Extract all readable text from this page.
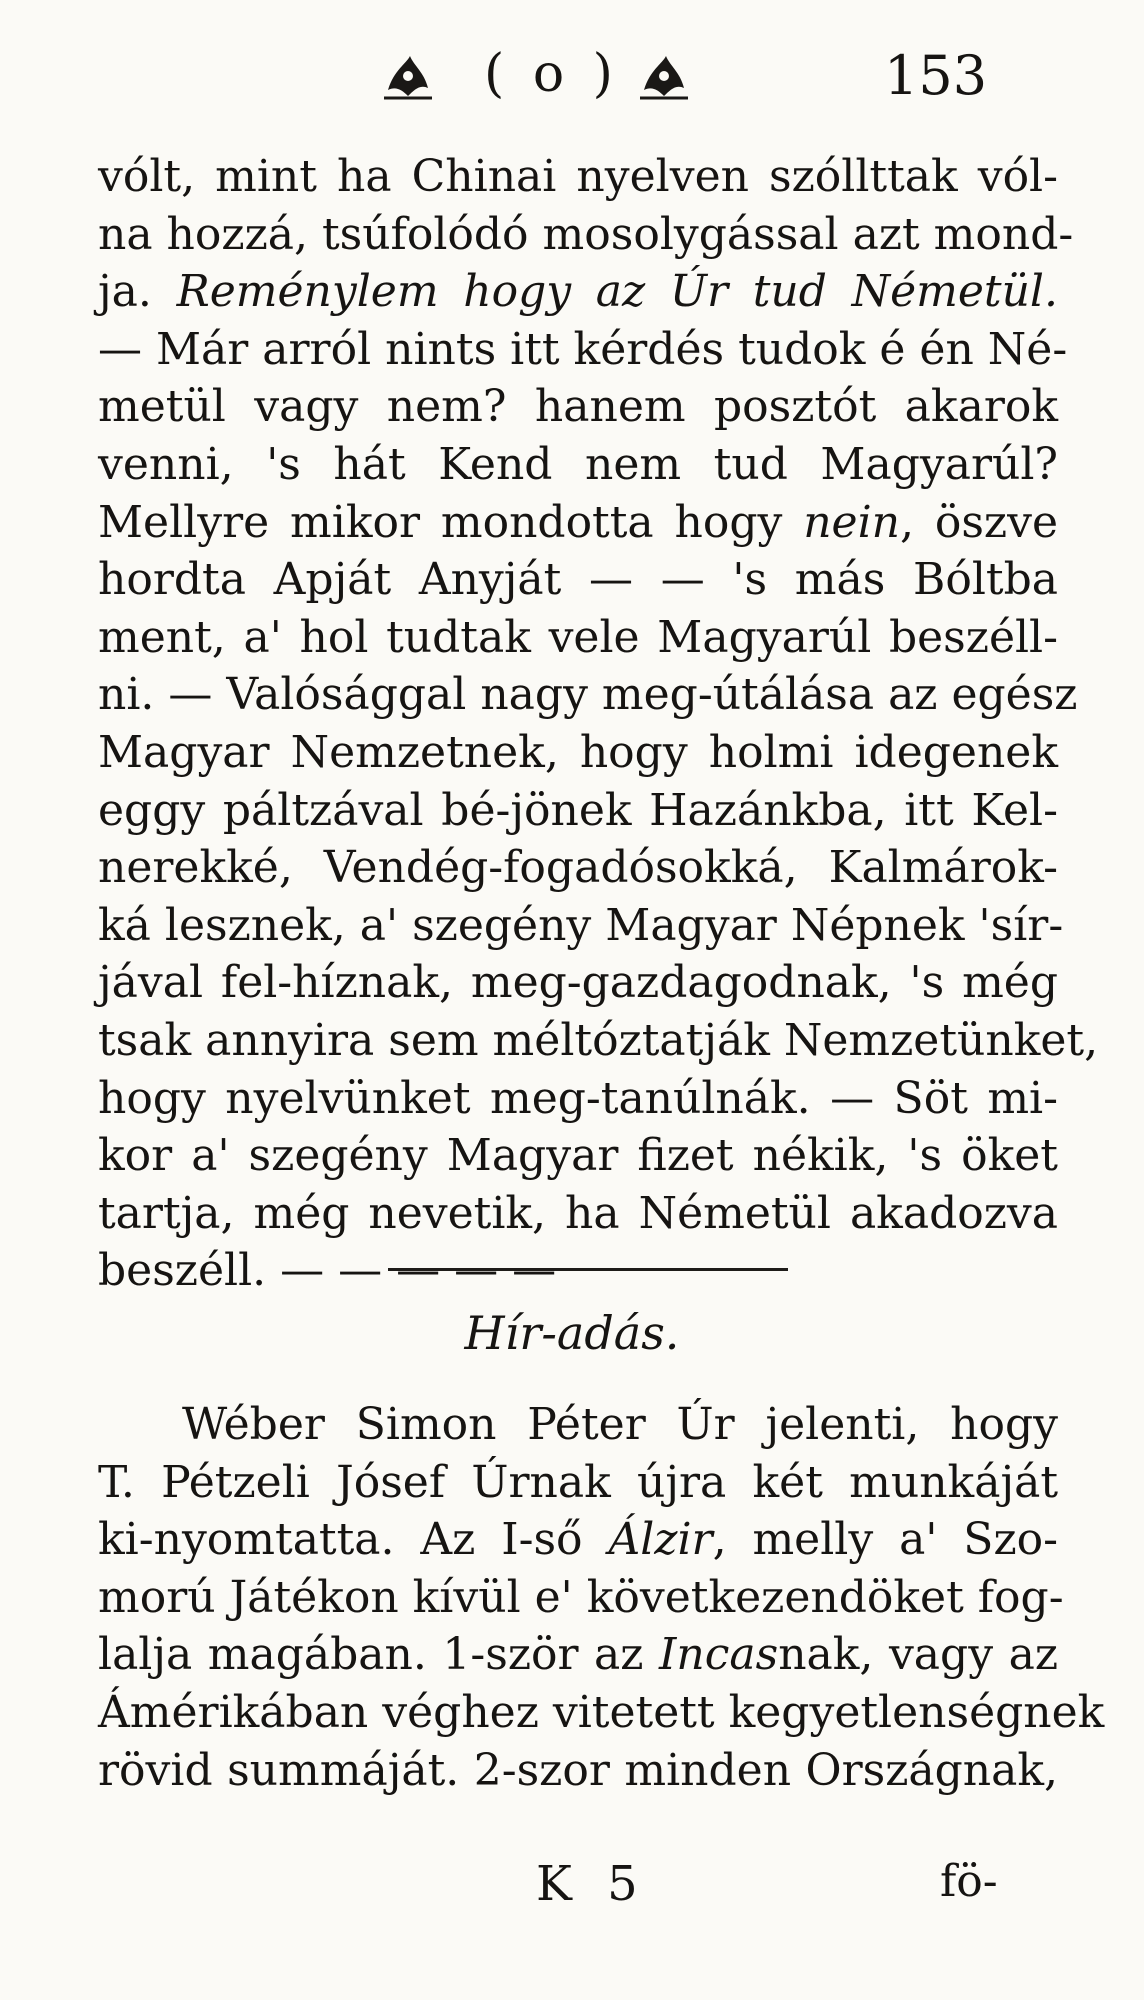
( o )	153
vólt, mint ha Chinai nyelven szóllttak vól-
na hozzá, tsúfolódó mosolygással azt mond-
ja. Reménylem hogy az Úr tud Németül.
— Már arról nints itt kérdés tudok é én Né-
metül vagy nem? hanem posztót akarok
venni, 's hát Kend nem tud Magyarúl?
Mellyre mikor mondotta hogy nein, öszve
hordta Apját Anyját — — 's más Bóltba
ment, a' hol tudtak vele Magyarúl beszéll-
ni. — Valósággal nagy meg-útálása az egész
Magyar Nemzetnek, hogy holmi idegenek
eggy páltzával bé-jönek Hazánkba, itt Kel-
nerekké, Vendég-fogadósokká, Kalmárok-
ká lesznek, a' szegény Magyar Népnek 'sír-
jával fel-híznak, meg-gazdagodnak, 's még
tsak annyira sem méltóztatják Nemzetünket,
hogy nyelvünket meg-tanúlnák. — Söt mi-
kor a' szegény Magyar fizet nékik, 's öket
tartja, még nevetik, ha Németül akadozva
beszéll. — — — — —
Hír-adás.
Wéber Simon Péter Úr jelenti, hogy
T. Pétzeli Jósef Úrnak újra két munkáját
ki-nyomtatta. Az I-ső Álzir, melly a' Szo-
morú Játékon kívül e' következendöket fog-
lalja magában. 1-ször az Incasnak, vagy az
Ámérikában véghez vitetett kegyetlenségnek
rövid summáját. 2-szor minden Országnak,
K 5	fö-
